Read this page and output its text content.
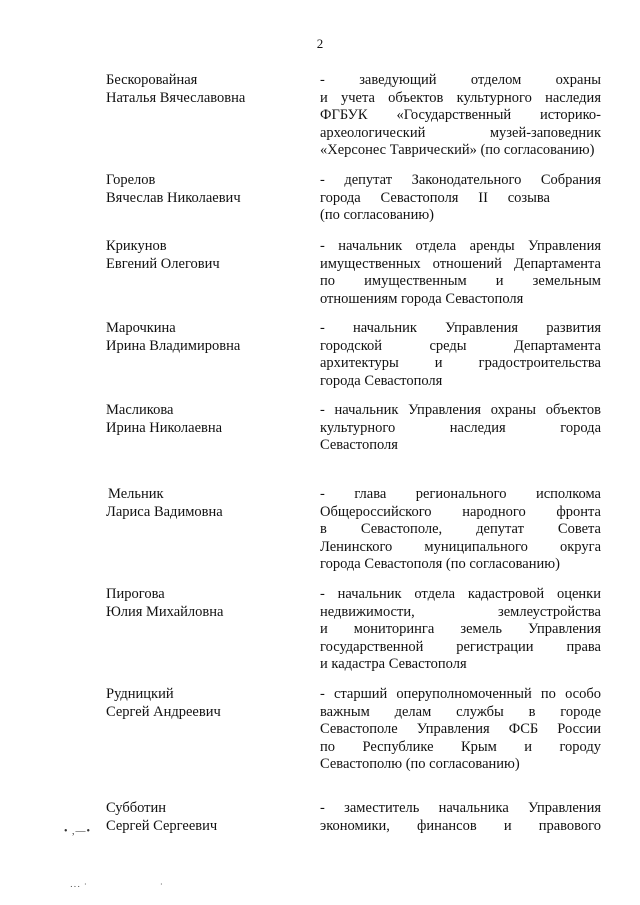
2
Бескоровайная
Наталья Вячеславовна
- заведующий отделом охраны
и учета объектов культурного наследия
ФГБУК «Государственный историко-
археологический музей-заповедник
«Херсонес Таврический» (по согласованию)
Горелов
Вячеслав Николаевич
- депутат Законодательного Собрания
города Севастополя II созыва
(по согласованию)
Крикунов
Евгений Олегович
- начальник отдела аренды Управления
имущественных отношений Департамента
по имущественным и земельным
отношениям города Севастополя
Марочкина
Ирина Владимировна
- начальник Управления развития
городской среды Департамента
архитектуры и градостроительства
города Севастополя
Масликова
Ирина Николаевна
- начальник Управления охраны объектов
культурного наследия города
Севастополя
Мельник
Лариса Вадимовна
- глава регионального исполкома
Общероссийского народного фронта
в Севастополе, депутат Совета
Ленинского муниципального округа
города Севастополя (по согласованию)
Пирогова
Юлия Михайловна
- начальник отдела кадастровой оценки
недвижимости, землеустройства
и мониторинга земель Управления
государственной регистрации права
и кадастра Севастополя
Рудницкий
Сергей Андреевич
- старший оперуполномоченный по особо
важным делам службы в городе
Севастополе Управления ФСБ России
по Республике Крым и городу
Севастополю (по согласованию)
Субботин
Сергей Сергеевич
- заместитель начальника Управления
экономики, финансов и правового
• ,—•
․․․ ·	·
